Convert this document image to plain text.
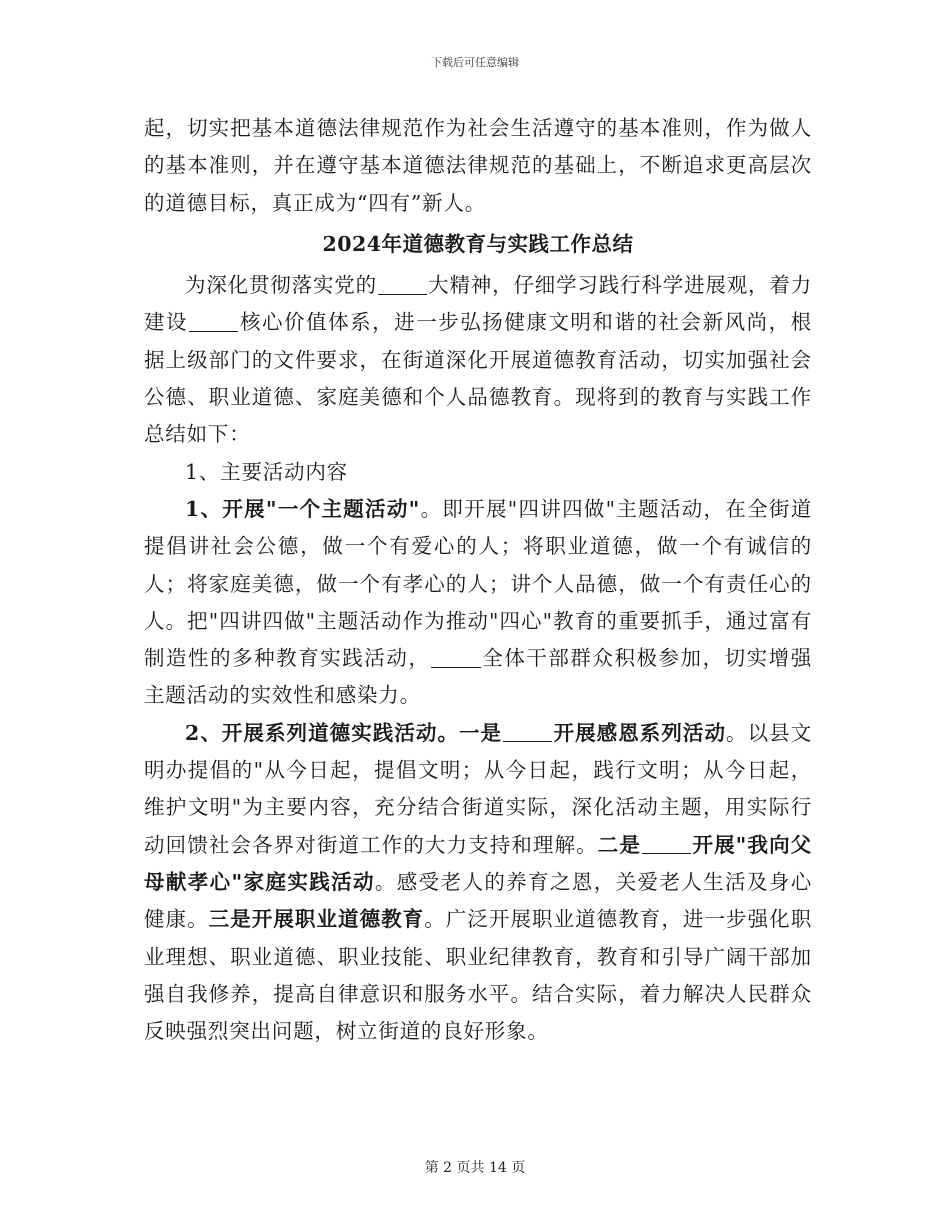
下载后可任意编辑

起，切实把基本道德法律规范作为社会生活遵守的基本准则，作为做人的基本准则，并在遵守基本道德法律规范的基础上，不断追求更高层次的道德目标，真正成为“四有”新人。

2024年道德教育与实践工作总结

为深化贯彻落实党的 大精神，仔细学习践行科学进展观，着力建设 核心价值体系，进一步弘扬健康文明和谐的社会新风尚，根据上级部门的文件要求，在街道深化开展道德教育活动，切实加强社会公德、职业道德、家庭美德和个人品德教育。现将到的教育与实践工作总结如下：

1、主要活动内容

1、开展"一个主题活动"。即开展"四讲四做"主题活动，在全街道提倡讲社会公德，做一个有爱心的人；将职业道德，做一个有诚信的人；将家庭美德，做一个有孝心的人；讲个人品德，做一个有责任心的人。把"四讲四做"主题活动作为推动"四心"教育的重要抓手，通过富有制造性的多种教育实践活动， 全体干部群众积极参加，切实增强主题活动的实效性和感染力。

2、开展系列道德实践活动。一是 开展感恩系列活动。以县文明办提倡的"从今日起，提倡文明；从今日起，践行文明；从今日起，维护文明"为主要内容，充分结合街道实际，深化活动主题，用实际行动回馈社会各界对街道工作的大力支持和理解。二是 开展"我向父母献孝心"家庭实践活动。感受老人的养育之恩，关爱老人生活及身心健康。三是开展职业道德教育。广泛开展职业道德教育，进一步强化职业理想、职业道德、职业技能、职业纪律教育，教育和引导广阔干部加强自我修养，提高自律意识和服务水平。结合实际，着力解决人民群众反映强烈突出问题，树立街道的良好形象。

第 2 页共 14 页
